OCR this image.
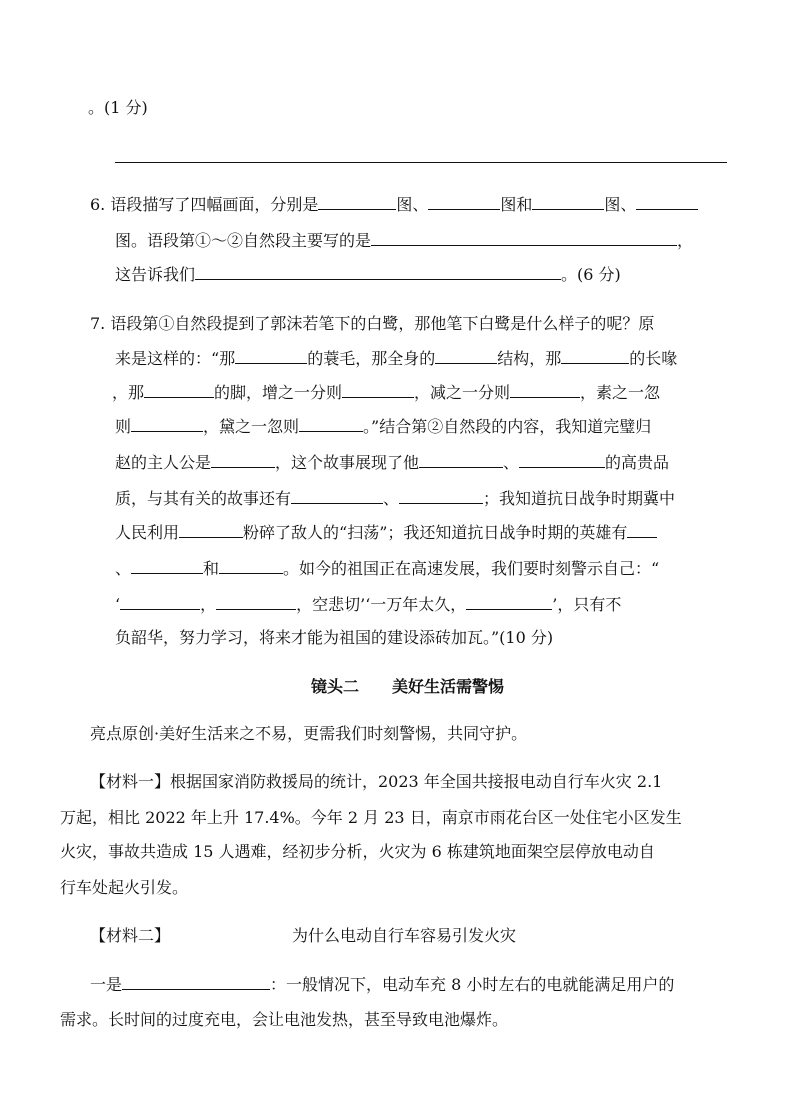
。(1 分)
6. 语段描写了四幅画面，分别是	图、	图和	图、
图。语段第①～②自然段主要写的是	，
这告诉我们	。(6 分)
7. 语段第①自然段提到了郭沫若笔下的白鹭，那他笔下白鹭是什么样子的呢？原
来是这样的：“那	的蓑毛，那全身的	结构，那	的长喙
，那	的脚，增之一分则	，减之一分则	，素之一忽
则	，黛之一忽则	。”结合第②自然段的内容，我知道完璧归
赵的主人公是	，这个故事展现了他	、	的高贵品
质，与其有关的故事还有	、	；我知道抗日战争时期冀中
人民利用	粉碎了敌人的“扫荡”；我还知道抗日战争时期的英雄有
、	和	。如今的祖国正在高速发展，我们要时刻警示自己：“
‘	，	，空悲切’‘一万年太久，	’，只有不
负韶华，努力学习，将来才能为祖国的建设添砖加瓦。”(10 分)
镜头二 美好生活需警惕
亮点原创·美好生活来之不易，更需我们时刻警惕，共同守护。
【材料一】根据国家消防救援局的统计，2023 年全国共接报电动自行车火灾 2.1
万起，相比 2022 年上升 17.4%。今年 2 月 23 日，南京市雨花台区一处住宅小区发生
火灾，事故共造成 15 人遇难，经初步分析，火灾为 6 栋建筑地面架空层停放电动自
行车处起火引发。
【材料二】	为什么电动自行车容易引发火灾
一是	：一般情况下，电动车充 8 小时左右的电就能满足用户的
需求。长时间的过度充电，会让电池发热，甚至导致电池爆炸。
